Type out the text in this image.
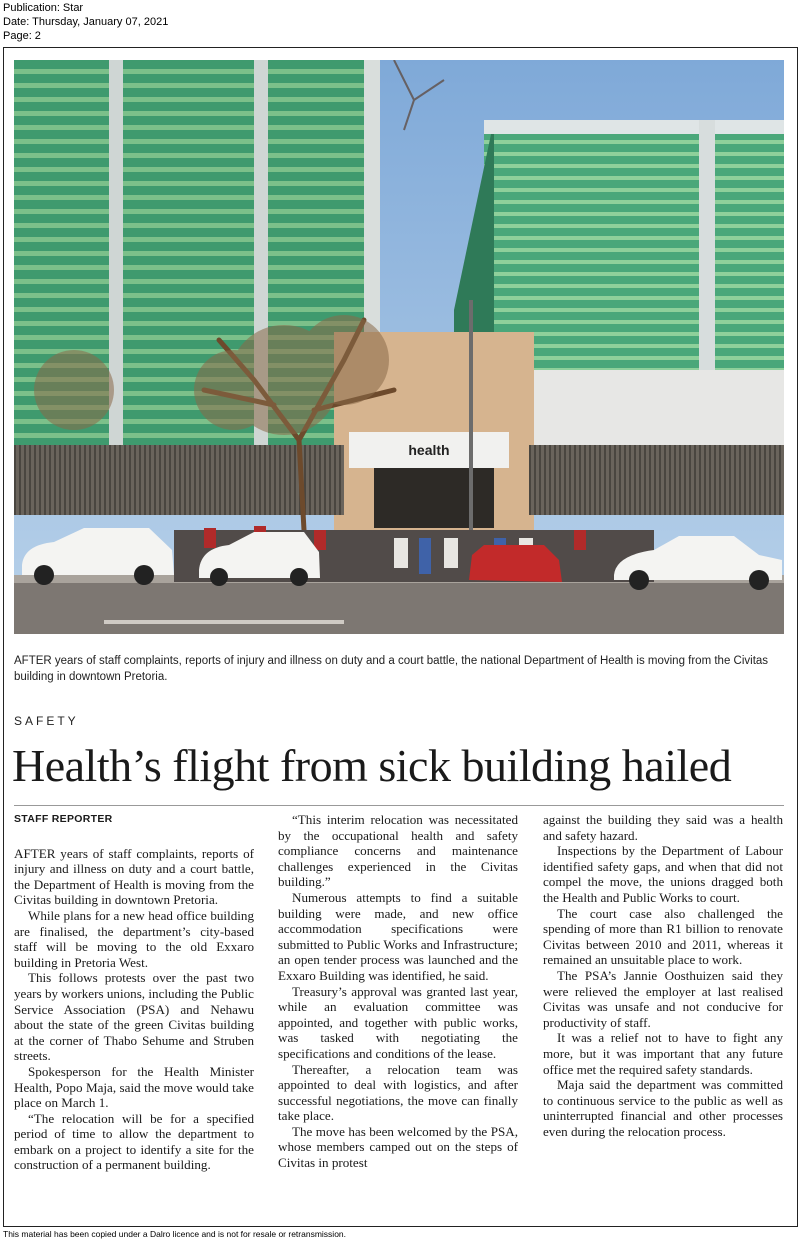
Publication: Star
Date: Thursday, January 07, 2021
Page: 2
health
AFTER years of staff complaints, reports of injury and illness on duty and a court battle, the national Department of Health is moving from the Civitas building in downtown Pretoria.
SAFETY
Health’s flight from sick building hailed
STAFF REPORTER

AFTER years of staff complaints, reports of injury and illness on duty and a court battle, the Department of Health is moving from the Civitas building in downtown Pretoria.

While plans for a new head office building are finalised, the department’s city-based staff will be moving to the old Exxaro building in Pretoria West.

This follows protests over the past two years by workers unions, including the Public Service Association (PSA) and Nehawu about the state of the green Civitas building at the corner of Thabo Sehume and Struben streets.

Spokesperson for the Health Minister Health, Popo Maja, said the move would take place on March 1.

“The relocation will be for a specified period of time to allow the department to embark on a project to identify a site for the construction of a permanent building.

“This interim relocation was necessitated by the occupational health and safety compliance concerns and maintenance challenges experienced in the Civitas building.”

Numerous attempts to find a suitable building were made, and new office accommodation specifications were submitted to Public Works and Infrastructure; an open tender process was launched and the Exxaro Building was identified, he said.

Treasury’s approval was granted last year, while an evaluation committee was appointed, and together with public works, was tasked with negotiating the specifications and conditions of the lease.

Thereafter, a relocation team was appointed to deal with logistics, and after successful negotiations, the move can finally take place.

The move has been welcomed by the PSA, whose members camped out on the steps of Civitas in protest

against the building they said was a health and safety hazard.

Inspections by the Department of Labour identified safety gaps, and when that did not compel the move, the unions dragged both the Health and Public Works to court.

The court case also challenged the spending of more than R1 billion to renovate Civitas between 2010 and 2011, whereas it remained an unsuitable place to work.

The PSA’s Jannie Oosthuizen said they were relieved the employer at last realised Civitas was unsafe and not conducive for productivity of staff.

It was a relief not to have to fight any more, but it was important that any future office met the required safety standards.

Maja said the department was committed to continuous service to the public as well as uninterrupted financial and other processes even during the relocation process.

This material has been copied under a Dalro licence and is not for resale or retransmission.
